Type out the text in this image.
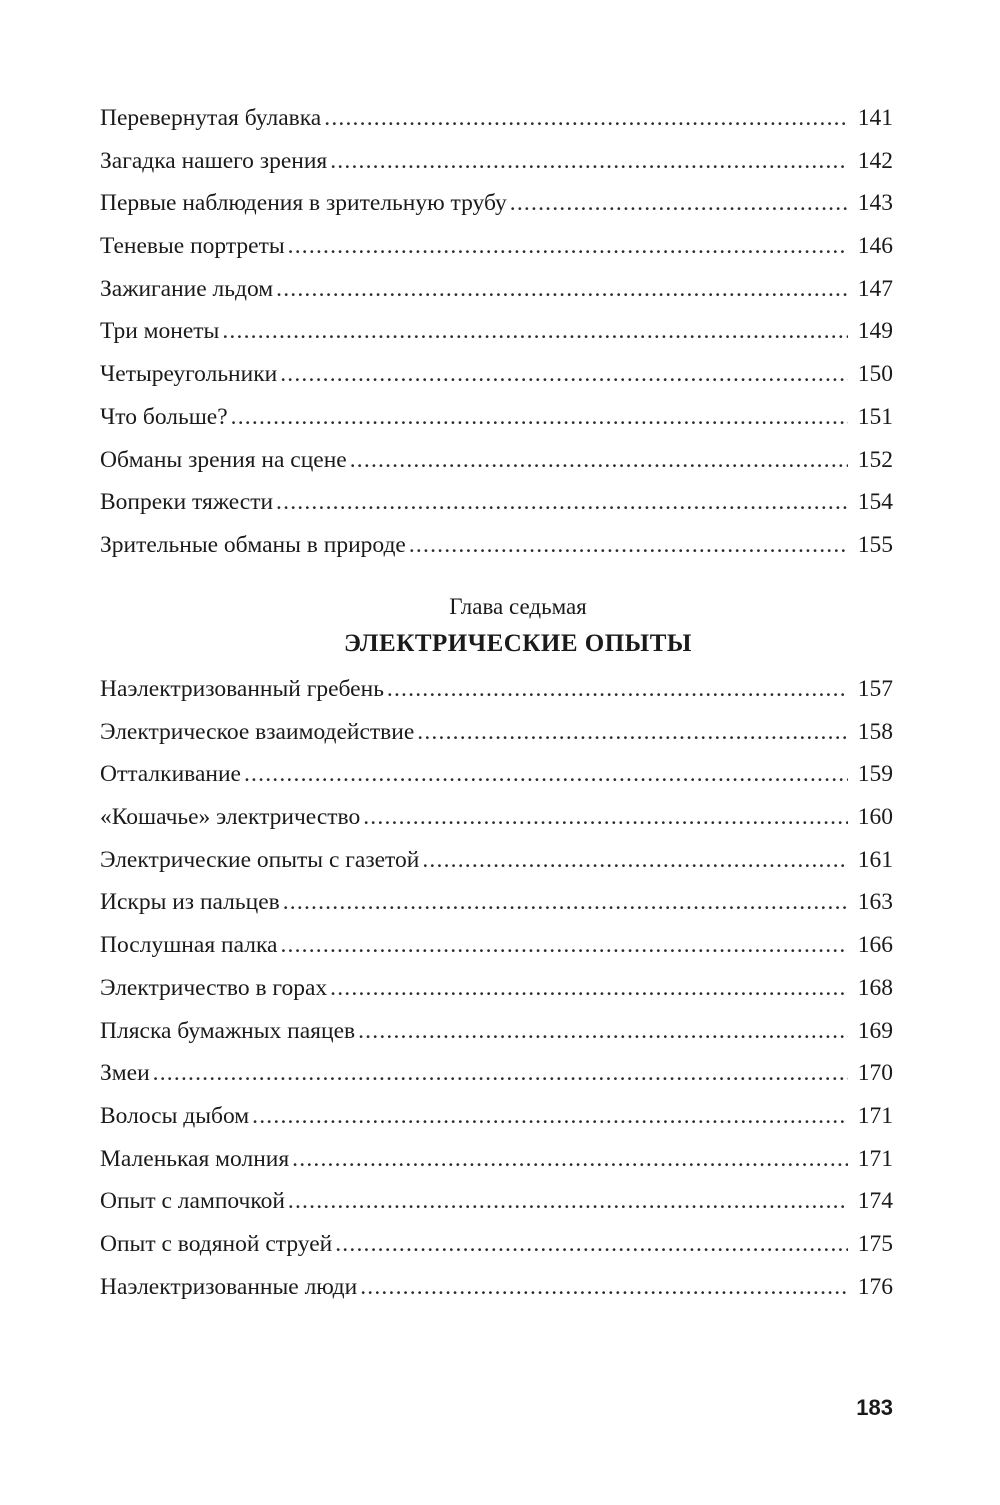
Перевернутая булавка .....	141
Загадка нашего зрения .....	142
Первые наблюдения в зрительную трубу .....	143
Теневые портреты .....	146
Зажигание льдом .....	147
Три монеты .....	149
Четыреугольники .....	150
Что больше? .....	151
Обманы зрения на сцене .....	152
Вопреки тяжести .....	154
Зрительные обманы в природе .....	155
Глава седьмая
ЭЛЕКТРИЧЕСКИЕ ОПЫТЫ
Наэлектризованный гребень .....	157
Электрическое взаимодействие .....	158
Отталкивание .....	159
«Кошачье» электричество .....	160
Электрические опыты с газетой .....	161
Искры из пальцев .....	163
Послушная палка .....	166
Электричество в горах .....	168
Пляска бумажных паяцев .....	169
Змеи .....	170
Волосы дыбом .....	171
Маленькая молния .....	171
Опыт с лампочкой .....	174
Опыт с водяной струей .....	175
Наэлектризованные люди .....	176
183
